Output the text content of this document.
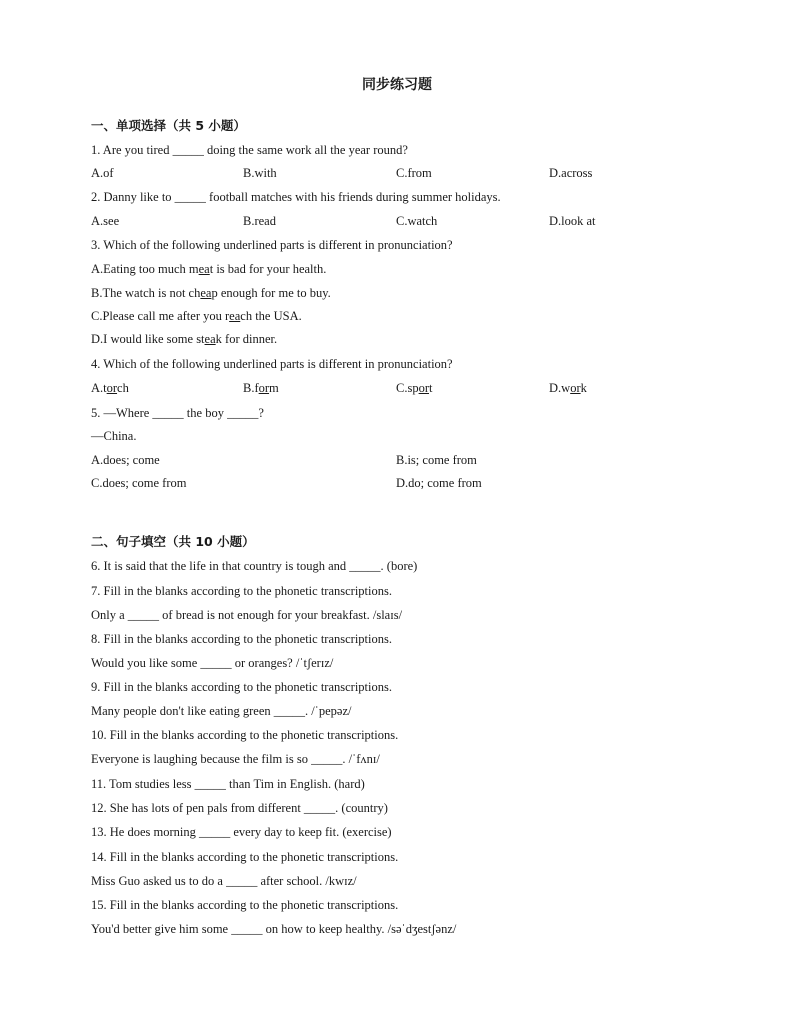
同步练习题
一、单项选择（共 5 小题）
1. Are you tired _____ doing the same work all the year round?
A.of	B.with	C.from	D.across
2. Danny like to _____ football matches with his friends during summer holidays.
A.see	B.read	C.watch	D.look at
3. Which of the following underlined parts is different in pronunciation?
A.Eating too much meat is bad for your health.
B.The watch is not cheap enough for me to buy.
C.Please call me after you reach the USA.
D.I would like some steak for dinner.
4. Which of the following underlined parts is different in pronunciation?
A.torch	B.form	C.sport	D.work
5. —Where _____ the boy _____?
—China.
A.does; come	B.is; come from
C.does; come from	D.do; come from
二、句子填空（共 10 小题）
6. It is said that the life in that country is tough and _____. (bore)
7. Fill in the blanks according to the phonetic transcriptions.
Only a _____ of bread is not enough for your breakfast. /slaɪs/
8. Fill in the blanks according to the phonetic transcriptions.
Would you like some _____ or oranges? /ˈtʃerɪz/
9. Fill in the blanks according to the phonetic transcriptions.
Many people don't like eating green _____. /ˈpepəz/
10. Fill in the blanks according to the phonetic transcriptions.
Everyone is laughing because the film is so _____. /ˈfʌnɪ/
11. Tom studies less _____ than Tim in English. (hard)
12. She has lots of pen pals from different _____. (country)
13. He does morning _____ every day to keep fit. (exercise)
14. Fill in the blanks according to the phonetic transcriptions.
Miss Guo asked us to do a _____ after school. /kwɪz/
15. Fill in the blanks according to the phonetic transcriptions.
You'd better give him some _____ on how to keep healthy. /səˈdʒestʃənz/
